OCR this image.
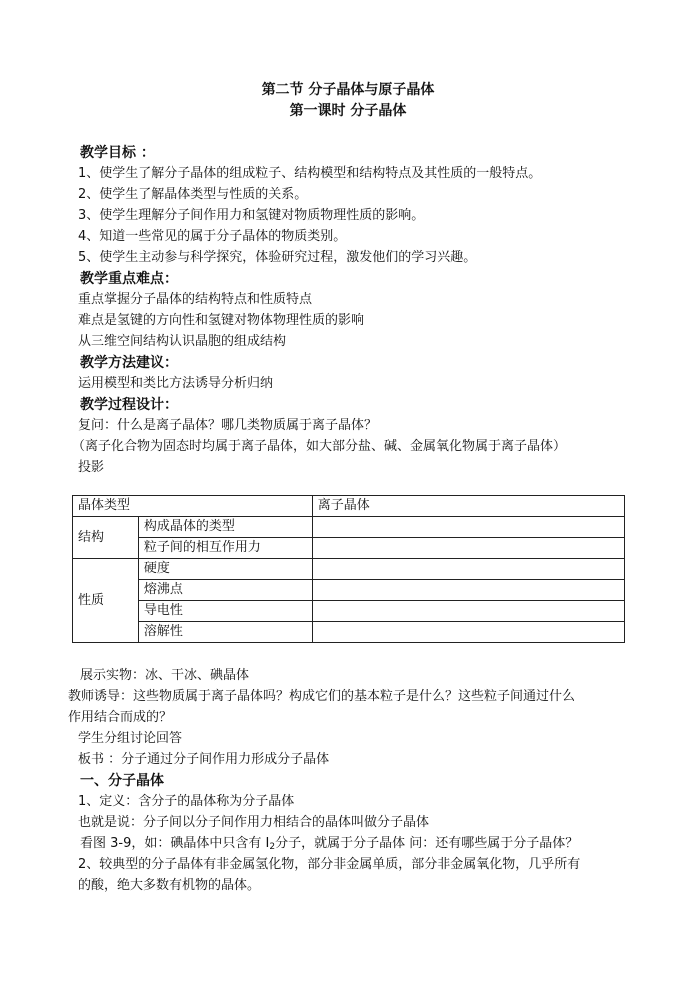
第二节 分子晶体与原子晶体
第一课时 分子晶体
教学目标 ：
1、使学生了解分子晶体的组成粒子、结构模型和结构特点及其性质的一般特点。
2、使学生了解晶体类型与性质的关系。
3、使学生理解分子间作用力和氢键对物质物理性质的影响。
4、知道一些常见的属于分子晶体的物质类别。
5、使学生主动参与科学探究，体验研究过程，激发他们的学习兴趣。
教学重点难点：
重点掌握分子晶体的结构特点和性质特点
难点是氢键的方向性和氢键对物体物理性质的影响
从三维空间结构认识晶胞的组成结构
教学方法建议：
运用模型和类比方法诱导分析归纳
教学过程设计：
复问：什么是离子晶体？哪几类物质属于离子晶体？
（离子化合物为固态时均属于离子晶体，如大部分盐、碱、金属氧化物属于离子晶体）
投影
晶体类型		离子晶体
结构	构成晶体的类型	
	粒子间的相互作用力	
性质	硬度	
	熔沸点	
	导电性	
	溶解性	
展示实物：冰、干冰、碘晶体
教师诱导：这些物质属于离子晶体吗？构成它们的基本粒子是什么？这些粒子间通过什么
作用结合而成的？
学生分组讨论回答
板书 ：分子通过分子间作用力形成分子晶体
一、分子晶体
1、定义：含分子的晶体称为分子晶体
也就是说：分子间以分子间作用力相结合的晶体叫做分子晶体
看图 3-9，如：碘晶体中只含有 $I_2$分子，就属于分子晶体 问：还有哪些属于分子晶体？
2、较典型的分子晶体有非金属氢化物，部分非金属单质，部分非金属氧化物，几乎所有
的酸，绝大多数有机物的晶体。
